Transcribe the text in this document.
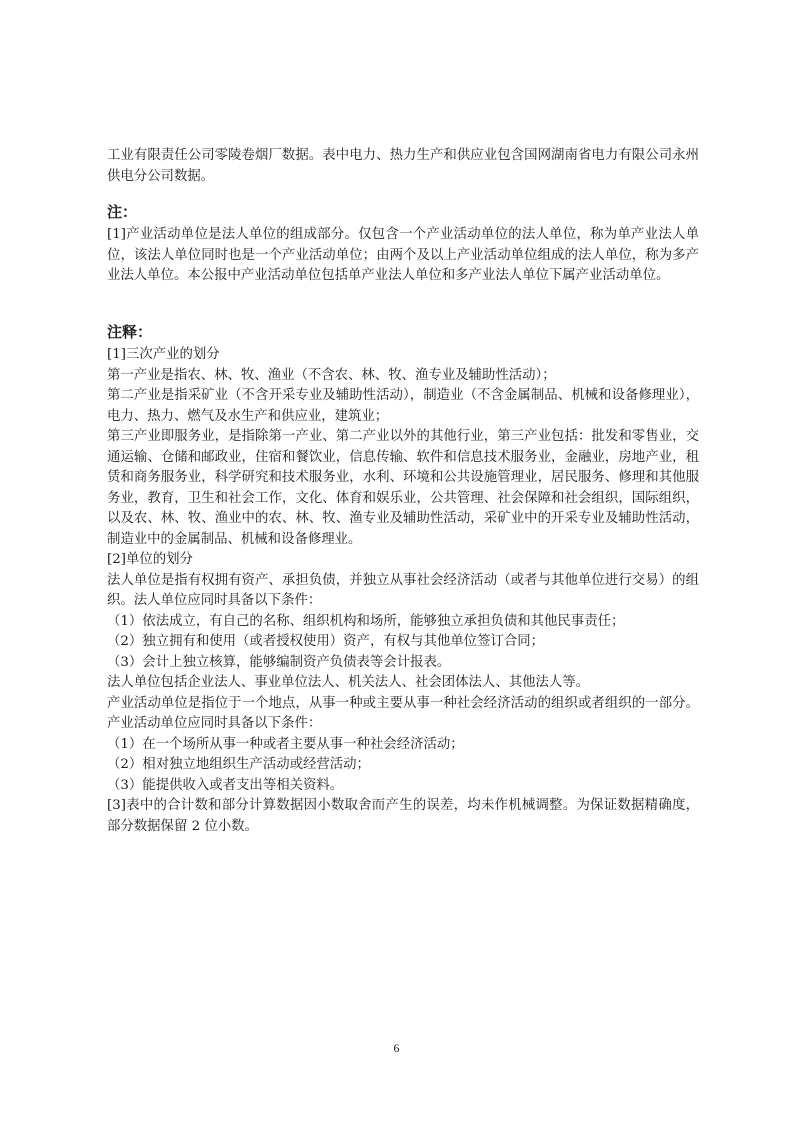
工业有限责任公司零陵卷烟厂数据。表中电力、热力生产和供应业包含国网湖南省电力有限公司永州供电分公司数据。

注：

[1]产业活动单位是法人单位的组成部分。仅包含一个产业活动单位的法人单位，称为单产业法人单位，该法人单位同时也是一个产业活动单位；由两个及以上产业活动单位组成的法人单位，称为多产业法人单位。本公报中产业活动单位包括单产业法人单位和多产业法人单位下属产业活动单位。

注释：

[1]三次产业的划分

第一产业是指农、林、牧、渔业（不含农、林、牧、渔专业及辅助性活动）；

第二产业是指采矿业（不含开采专业及辅助性活动），制造业（不含金属制品、机械和设备修理业），电力、热力、燃气及水生产和供应业，建筑业；

第三产业即服务业，是指除第一产业、第二产业以外的其他行业，第三产业包括：批发和零售业，交通运输、仓储和邮政业，住宿和餐饮业，信息传输、软件和信息技术服务业，金融业，房地产业，租赁和商务服务业，科学研究和技术服务业，水利、环境和公共设施管理业，居民服务、修理和其他服务业，教育，卫生和社会工作，文化、体育和娱乐业，公共管理、社会保障和社会组织，国际组织，以及农、林、牧、渔业中的农、林、牧、渔专业及辅助性活动，采矿业中的开采专业及辅助性活动，制造业中的金属制品、机械和设备修理业。

[2]单位的划分

法人单位是指有权拥有资产、承担负债，并独立从事社会经济活动（或者与其他单位进行交易）的组织。法人单位应同时具备以下条件：

（1）依法成立，有自己的名称、组织机构和场所，能够独立承担负债和其他民事责任；

（2）独立拥有和使用（或者授权使用）资产，有权与其他单位签订合同；

（3）会计上独立核算，能够编制资产负债表等会计报表。

法人单位包括企业法人、事业单位法人、机关法人、社会团体法人、其他法人等。

产业活动单位是指位于一个地点，从事一种或主要从事一种社会经济活动的组织或者组织的一部分。产业活动单位应同时具备以下条件：

（1）在一个场所从事一种或者主要从事一种社会经济活动；

（2）相对独立地组织生产活动或经营活动；

（3）能提供收入或者支出等相关资料。

[3]表中的合计数和部分计算数据因小数取舍而产生的误差，均未作机械调整。为保证数据精确度，部分数据保留 2 位小数。

6
